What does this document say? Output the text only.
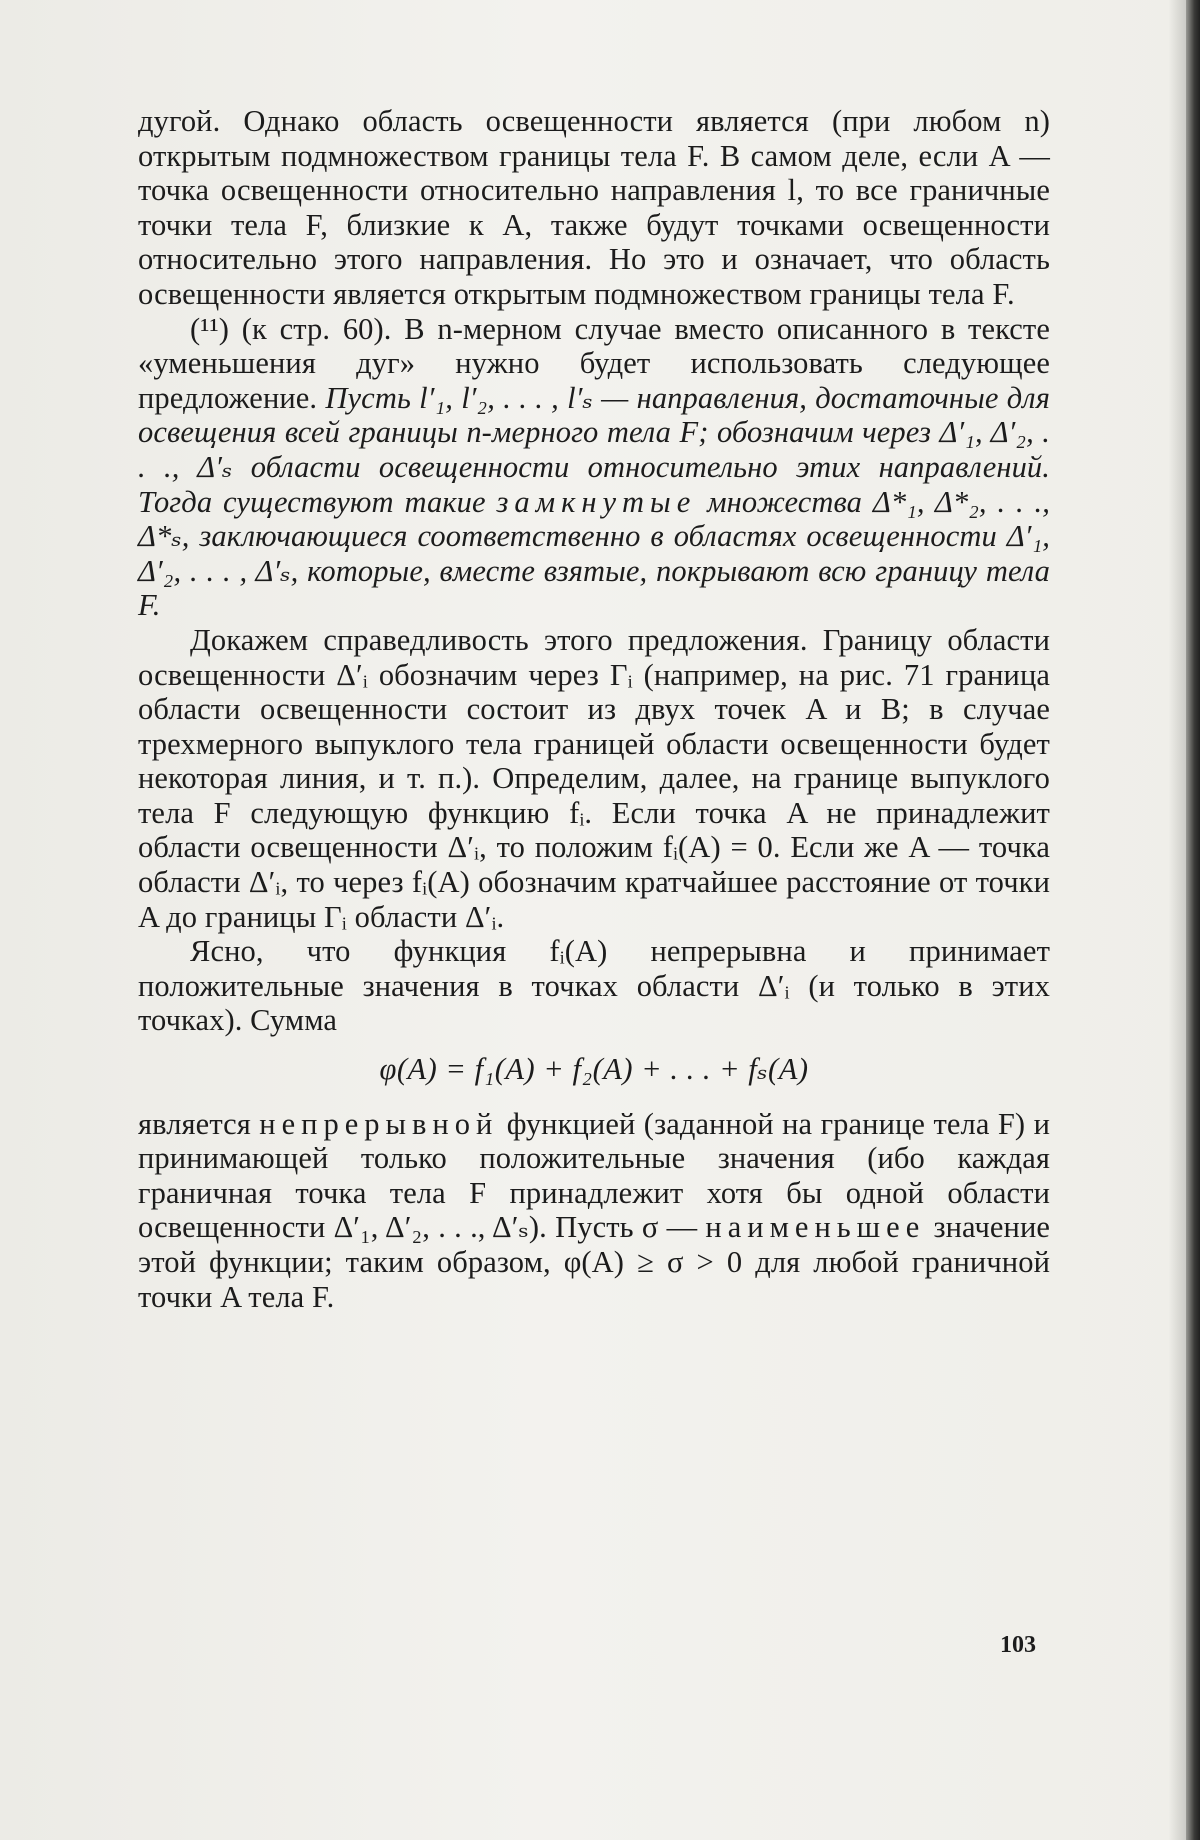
дугой. Однако область освещенности является (при любом n) открытым подмножеством границы тела F. В самом деле, если A — точка освещенности относительно направления l, то все граничные точки тела F, близкие к A, также будут точками освещенности относительно этого направления. Но это и означает, что область освещенности является открытым подмножеством границы тела F.

(¹¹) (к стр. 60). В n-мерном случае вместо описанного в тексте «уменьшения дуг» нужно будет использовать следующее предложение. Пусть l′₁, l′₂, . . . , l′ₛ — направления, достаточные для освещения всей границы n-мерного тела F; обозначим через Δ′₁, Δ′₂, . . ., Δ′ₛ области освещенности относительно этих направлений. Тогда существуют такие замкнутые множества Δ*₁, Δ*₂, . . ., Δ*ₛ, заключающиеся соответственно в областях освещенности Δ′₁, Δ′₂, . . . , Δ′ₛ, которые, вместе взятые, покрывают всю границу тела F.

Докажем справедливость этого предложения. Границу области освещенности Δ′ᵢ обозначим через Γᵢ (например, на рис. 71 граница области освещенности состоит из двух точек A и B; в случае трехмерного выпуклого тела границей области освещенности будет некоторая линия, и т. п.). Определим, далее, на границе выпуклого тела F следующую функцию fᵢ. Если точка A не принадлежит области освещенности Δ′ᵢ, то положим fᵢ(A) = 0. Если же A — точка области Δ′ᵢ, то через fᵢ(A) обозначим кратчайшее расстояние от точки A до границы Γᵢ области Δ′ᵢ.

Ясно, что функция fᵢ(A) непрерывна и принимает положительные значения в точках области Δ′ᵢ (и только в этих точках). Сумма

φ(A) = f₁(A) + f₂(A) + . . . + fₛ(A)

является непрерывной функцией (заданной на границе тела F) и принимающей только положительные значения (ибо каждая граничная точка тела F принадлежит хотя бы одной области освещенности Δ′₁, Δ′₂, . . ., Δ′ₛ). Пусть σ — наименьшее значение этой функции; таким образом, φ(A) ≥ σ > 0 для любой граничной точки A тела F.

103
